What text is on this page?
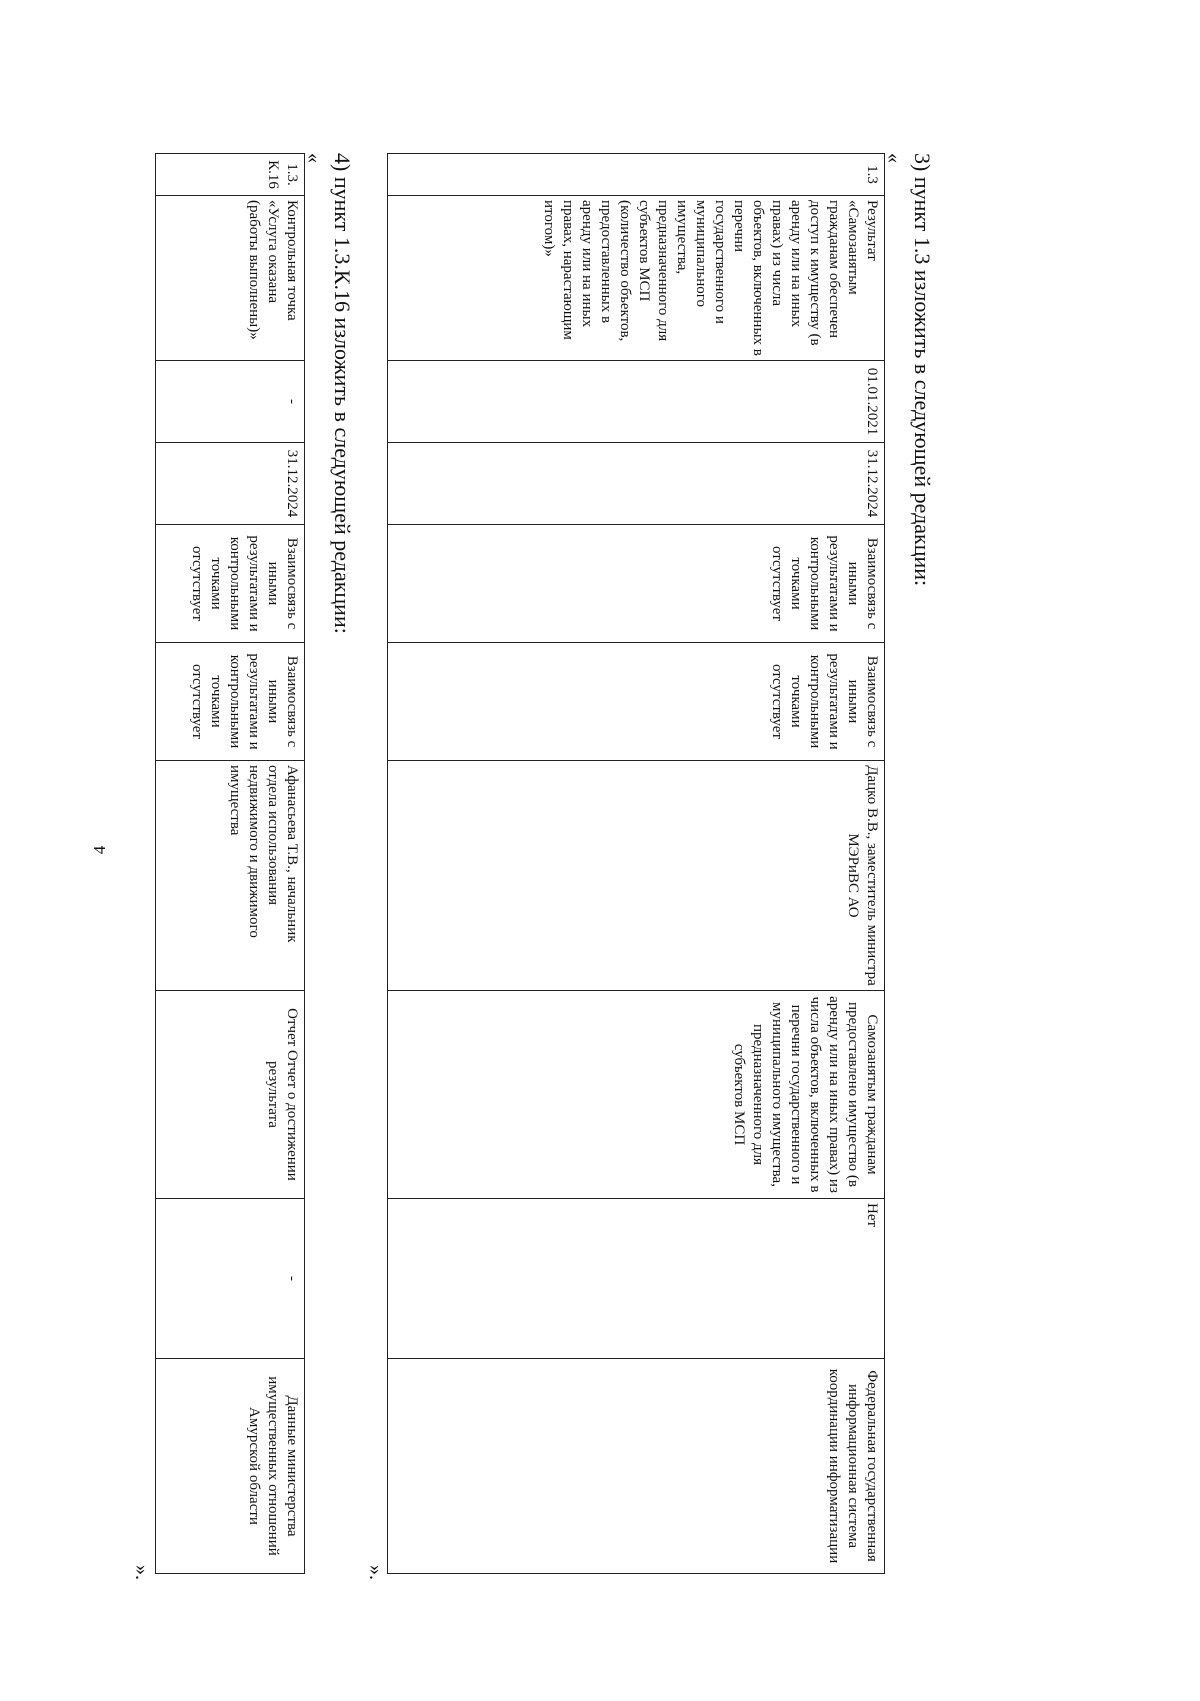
4
3) пункт 1.3 изложить в следующей редакции:
«
1.3	Результат «Самозанятым гражданам обеспечен доступ к имуществу (в аренду или на иных правах) из числа объектов, включенных в перечни государственного и муниципального имущества, предназначенного для субъектов МСП (количество объектов, предоставленных в аренду или на иных правах, нарастающим итогом)»	01.01.2021	31.12.2024	Взаимосвязь с иными результатами и контрольными точками отсутствует	Взаимосвязь с иными результатами и контрольными точками отсутствует	Дацко В.В., заместитель министра МЭРиВС АО	Самозанятым гражданам предоставлено имущество (в аренду или на иных правах) из числа объектов, включенных в перечни государственного и муниципального имущества, предназначенного для субъектов МСП	Нет	Федеральная государственная информационная система координации информатизации
».
4) пункт 1.3.К.16 изложить в следующей редакции:
«
1.3. К.16	Контрольная точка «Услуга оказана (работы выполнены)»	-	31.12.2024	Взаимосвязь с иными результатами и контрольными точками отсутствует	Взаимосвязь с иными результатами и контрольными точками отсутствует	Афанасьева Т.В., начальник отдела использования недвижимого и движимого имущества	Отчет Отчет о достижении результата	-	Данные министерства имущественных отношений Амурской области
».
